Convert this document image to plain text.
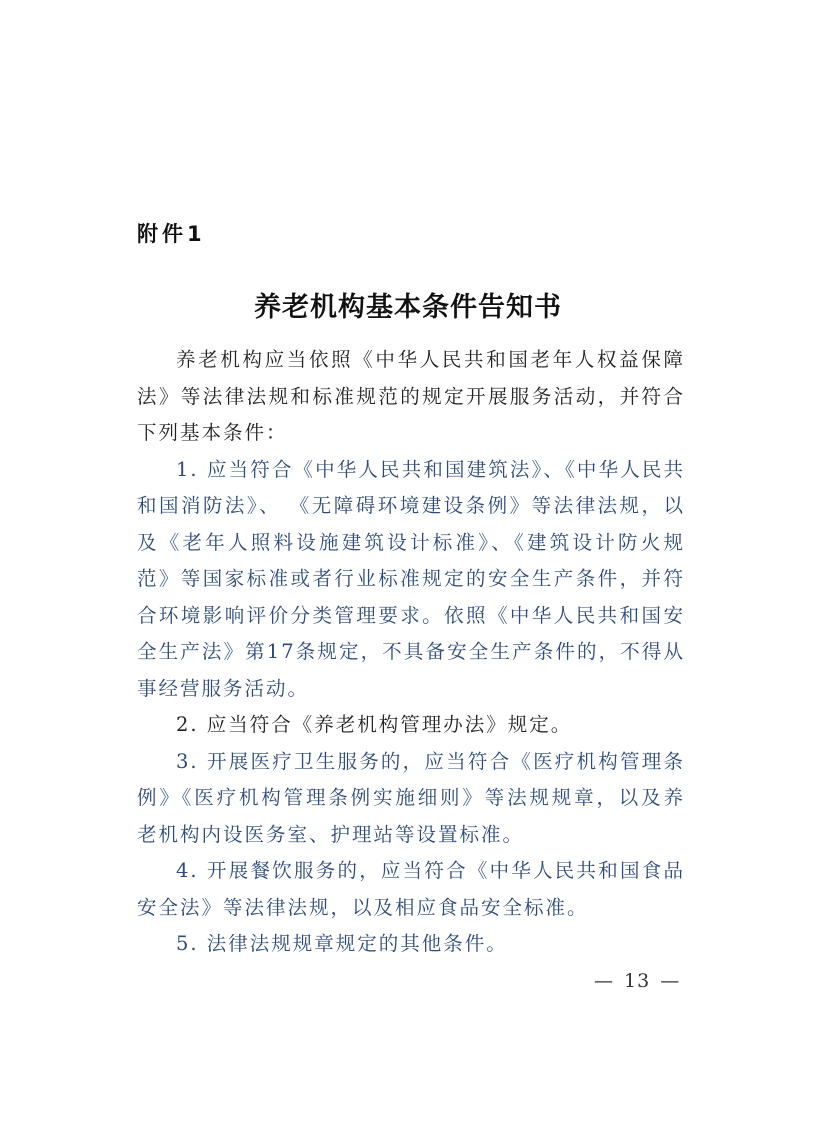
附件1
养老机构基本条件告知书

养老机构应当依照《中华人民共和国老年人权益保障法》等法律法规和标准规范的规定开展服务活动，并符合下列基本条件：

1. 应当符合《中华人民共和国建筑法》、《中华人民共和国消防法》、 《无障碍环境建设条例》等法律法规，以及《老年人照料设施建筑设计标准》、《建筑设计防火规范》等国家标准或者行业标准规定的安全生产条件，并符合环境影响评价分类管理要求。依照《中华人民共和国安全生产法》第17条规定，不具备安全生产条件的，不得从事经营服务活动。

2. 应当符合《养老机构管理办法》规定。

3. 开展医疗卫生服务的，应当符合《医疗机构管理条例》《医疗机构管理条例实施细则》等法规规章，以及养老机构内设医务室、护理站等设置标准。

4. 开展餐饮服务的，应当符合《中华人民共和国食品安全法》等法律法规，以及相应食品安全标准。

5. 法律法规规章规定的其他条件。

— 13 —
